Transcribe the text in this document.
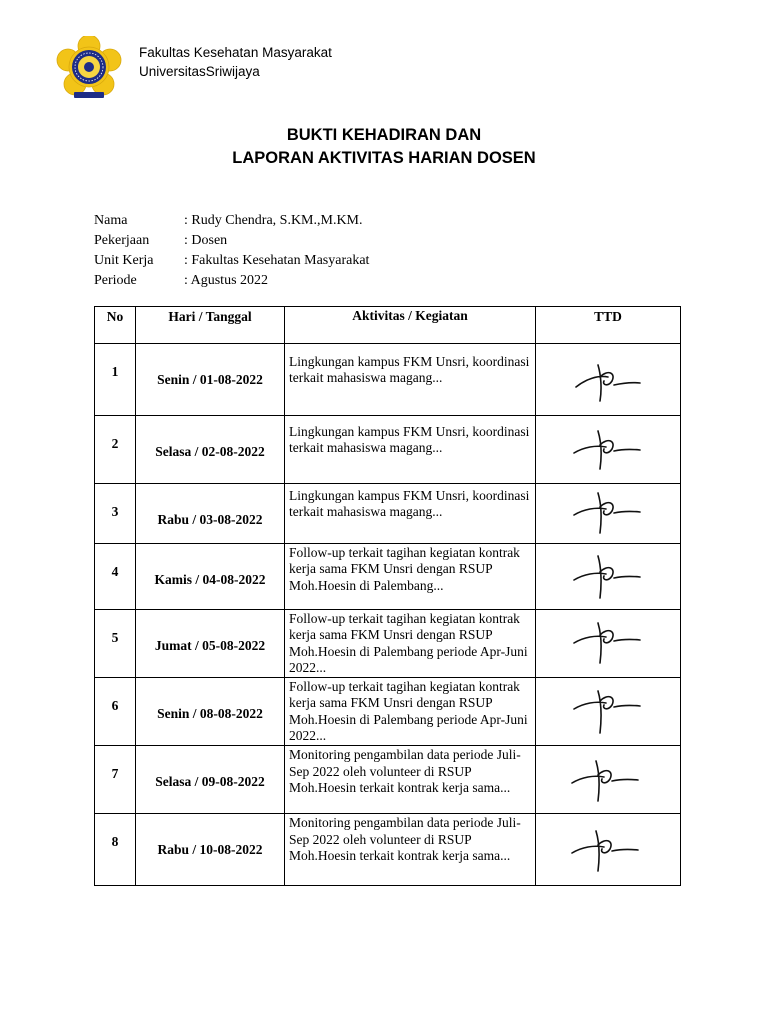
Fakultas Kesehatan Masyarakat
UniversitasSriwijaya
BUKTI KEHADIRAN DAN
LAPORAN AKTIVITAS HARIAN DOSEN
Nama	: Rudy Chendra, S.KM.,M.KM.
Pekerjaan	: Dosen
Unit Kerja	: Fakultas Kesehatan Masyarakat
Periode	: Agustus 2022
No	Hari / Tanggal	Aktivitas / Kegiatan	TTD

1	Senin / 01-08-2022	Lingkungan kampus FKM Unsri, koordinasi terkait mahasiswa magang...	

2	Selasa / 02-08-2022	Lingkungan kampus FKM Unsri, koordinasi terkait mahasiswa magang...	

3	Rabu / 03-08-2022	Lingkungan kampus FKM Unsri, koordinasi terkait mahasiswa magang...	

4	Kamis / 04-08-2022	Follow-up terkait tagihan kegiatan kontrak kerja sama FKM Unsri dengan RSUP Moh.Hoesin di Palembang...	

5	Jumat / 05-08-2022	Follow-up terkait tagihan kegiatan kontrak kerja sama FKM Unsri dengan RSUP Moh.Hoesin di Palembang periode Apr-Juni 2022...	

6	Senin / 08-08-2022	Follow-up terkait tagihan kegiatan kontrak kerja sama FKM Unsri dengan RSUP Moh.Hoesin di Palembang periode Apr-Juni 2022...	

7	Selasa / 09-08-2022	Monitoring pengambilan data periode Juli-Sep 2022 oleh volunteer di RSUP Moh.Hoesin terkait kontrak kerja sama...	

8	Rabu / 10-08-2022	Monitoring pengambilan data periode Juli-Sep 2022 oleh volunteer di RSUP Moh.Hoesin terkait kontrak kerja sama...	
